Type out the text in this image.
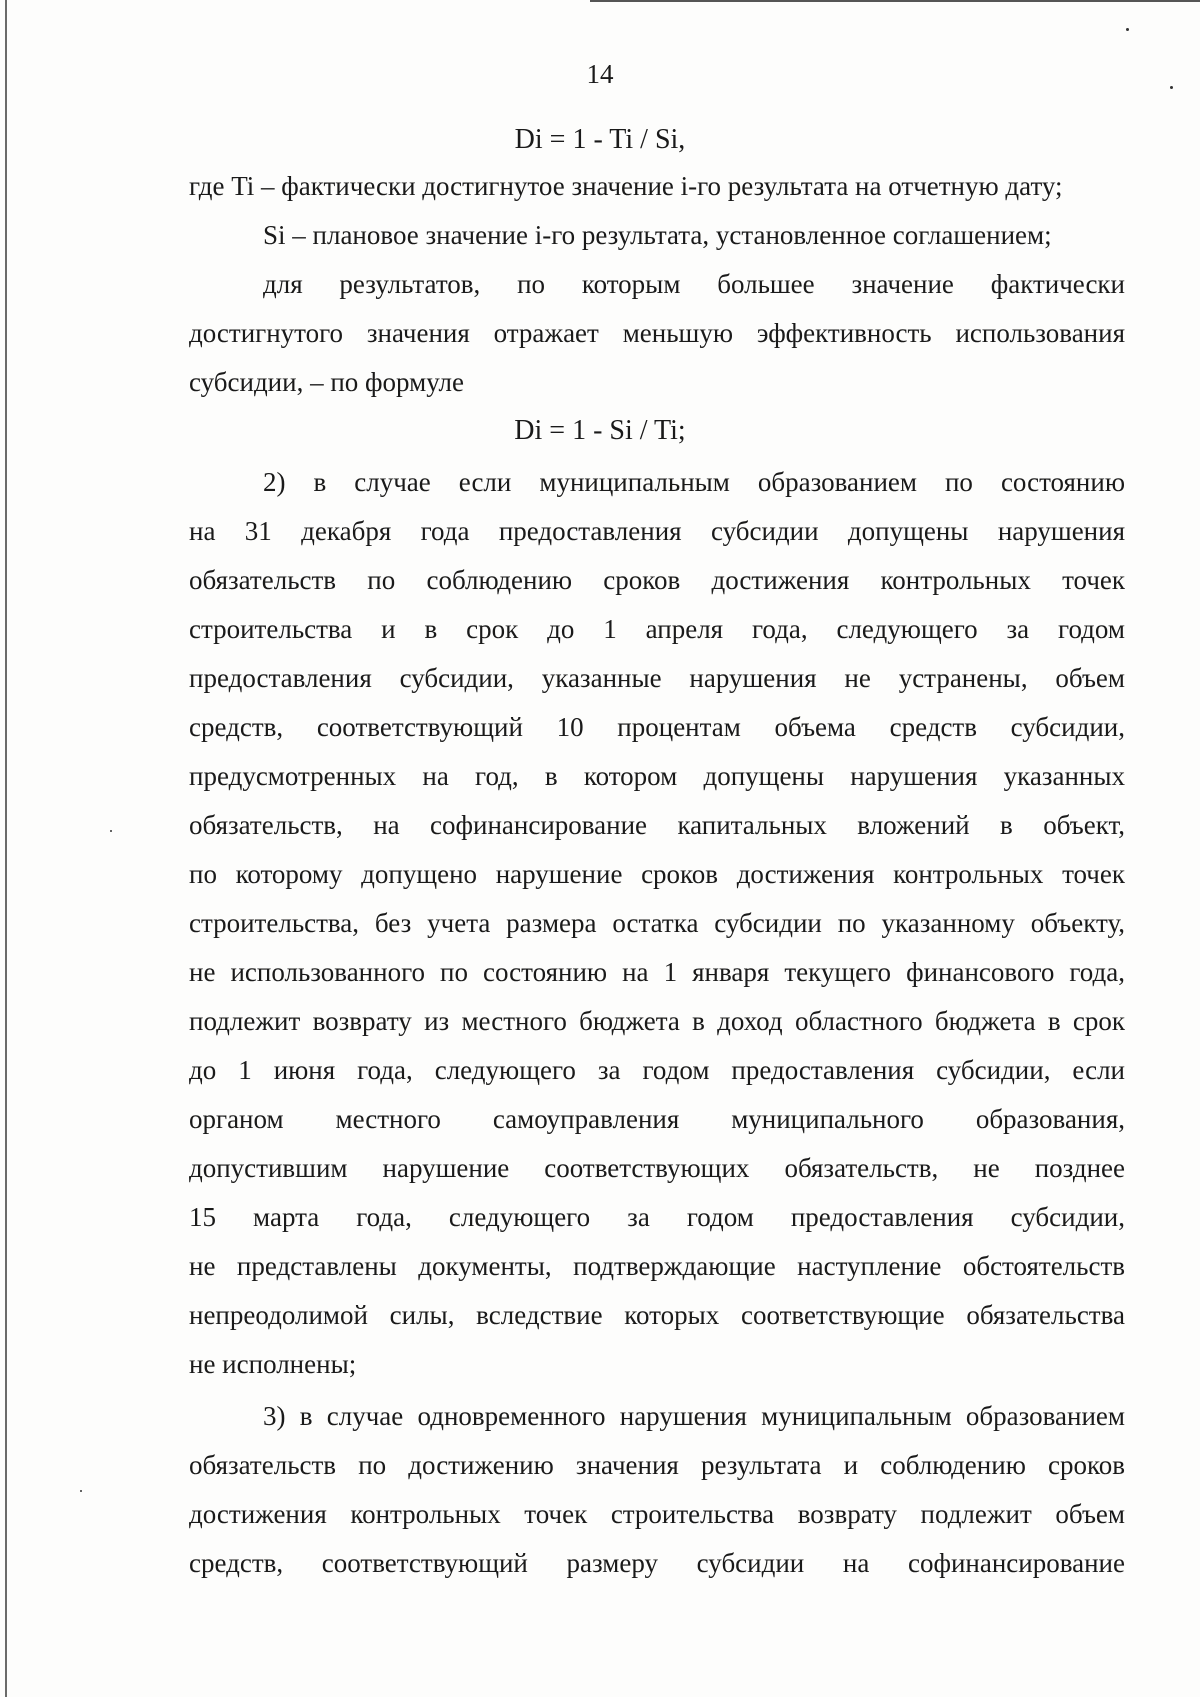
14
Di = 1 - Ti / Si,
где Ti – фактически достигнутое значение i-го результата на отчетную дату;
Si – плановое значение i-го результата, установленное соглашением;
для результатов, по которым большее значение фактически
достигнутого значения отражает меньшую эффективность использования
субсидии, – по формуле
Di = 1 - Si / Ti;
2) в случае если муниципальным образованием по состоянию
на 31 декабря года предоставления субсидии допущены нарушения
обязательств по соблюдению сроков достижения контрольных точек
строительства и в срок до 1 апреля года, следующего за годом
предоставления субсидии, указанные нарушения не устранены, объем
средств, соответствующий 10 процентам объема средств субсидии,
предусмотренных на год, в котором допущены нарушения указанных
обязательств, на софинансирование капитальных вложений в объект,
по которому допущено нарушение сроков достижения контрольных точек
строительства, без учета размера остатка субсидии по указанному объекту,
не использованного по состоянию на 1 января текущего финансового года,
подлежит возврату из местного бюджета в доход областного бюджета в срок
до 1 июня года, следующего за годом предоставления субсидии, если
органом местного самоуправления муниципального образования,
допустившим нарушение соответствующих обязательств, не позднее
15 марта года, следующего за годом предоставления субсидии,
не представлены документы, подтверждающие наступление обстоятельств
непреодолимой силы, вследствие которых соответствующие обязательства
не исполнены;
3) в случае одновременного нарушения муниципальным образованием
обязательств по достижению значения результата и соблюдению сроков
достижения контрольных точек строительства возврату подлежит объем
средств, соответствующий размеру субсидии на софинансирование
